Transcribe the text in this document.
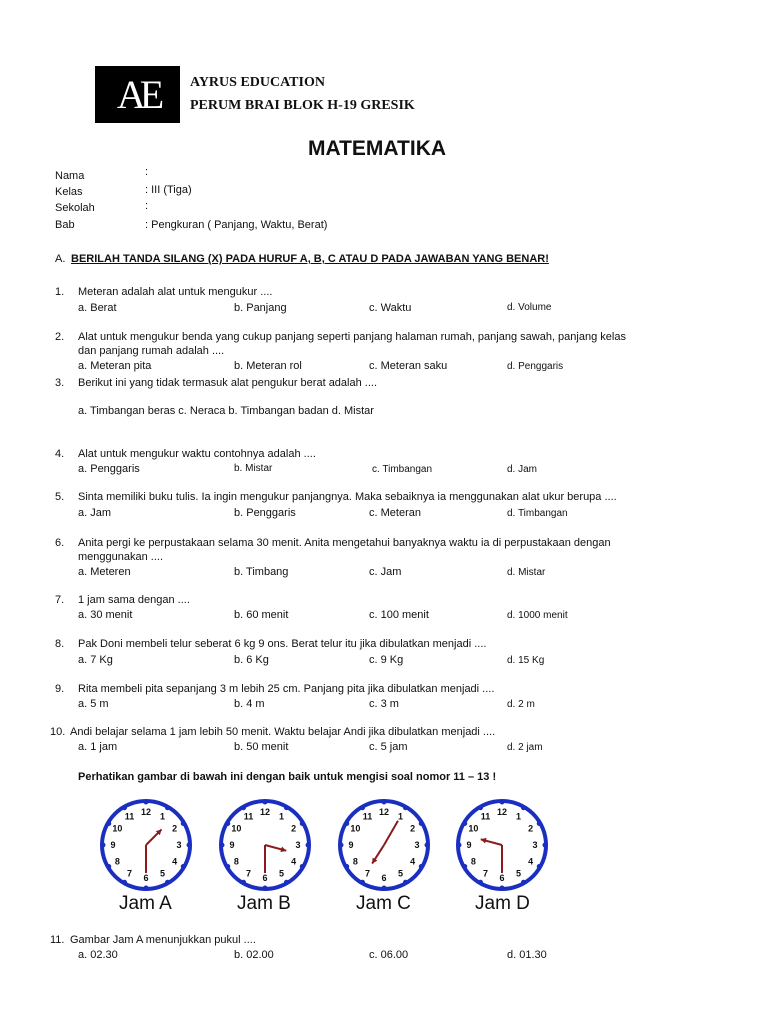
AE	AYRUS EDUCATION
PERUM BRAI BLOK H-19 GRESIK
MATEMATIKA
Nama	:
Kelas	: III (Tiga)
Sekolah	:
Bab	: Pengkuran ( Panjang, Waktu, Berat)
A. BERILAH TANDA SILANG (X) PADA HURUF A, B, C ATAU D PADA JAWABAN YANG BENAR!
1. Meteran adalah alat untuk mengukur ....
a. Berat	b. Panjang	c. Waktu	d. Volume
2. Alat untuk mengukur benda yang cukup panjang seperti panjang halaman rumah, panjang sawah, panjang kelas
dan panjang rumah adalah ....
a. Meteran pita	b. Meteran rol	c. Meteran saku	d. Penggaris
3. Berikut ini yang tidak termasuk alat pengukur berat adalah ....
a. Timbangan beras c. Neraca b. Timbangan badan d. Mistar
4. Alat untuk mengukur waktu contohnya adalah ....
a. Penggaris	b. Mistar	c. Timbangan	d. Jam
5. Sinta memiliki buku tulis. Ia ingin mengukur panjangnya. Maka sebaiknya ia menggunakan alat ukur berupa ....
a. Jam	b. Penggaris	c. Meteran	d. Timbangan
6. Anita pergi ke perpustakaan selama 30 menit. Anita mengetahui banyaknya waktu ia di perpustakaan dengan
menggunakan ....
a. Meteren	b. Timbang	c. Jam	d. Mistar
7. 1 jam sama dengan ....
a. 30 menit	b. 60 menit	c. 100 menit	d. 1000 menit
8. Pak Doni membeli telur seberat 6 kg 9 ons. Berat telur itu jika dibulatkan menjadi ....
a. 7 Kg	b. 6 Kg	c. 9 Kg	d. 15 Kg
9. Rita membeli pita sepanjang 3 m lebih 25 cm. Panjang pita jika dibulatkan menjadi ....
a. 5 m	b. 4 m	c. 3 m	d. 2 m
10. Andi belajar selama 1 jam lebih 50 menit. Waktu belajar Andi jika dibulatkan menjadi ....
a. 1 jam	b. 50 menit	c. 5 jam	d. 2 jam
Perhatikan gambar di bawah ini dengan baik untuk mengisi soal nomor 11 – 13 !
12 1
2
3
4
5
6
7
8
9
10
11	12 1
2
3
4
5
6
7
8
9
10
11	12 1
2
3
4
5
6
7
8
9
10
11	12 1
2
3
4
5
6
7
8
9
10
11
Jam A	Jam B	Jam C	Jam D
11. Gambar Jam A menunjukkan pukul ....
a. 02.30	b. 02.00	c. 06.00	d. 01.30
